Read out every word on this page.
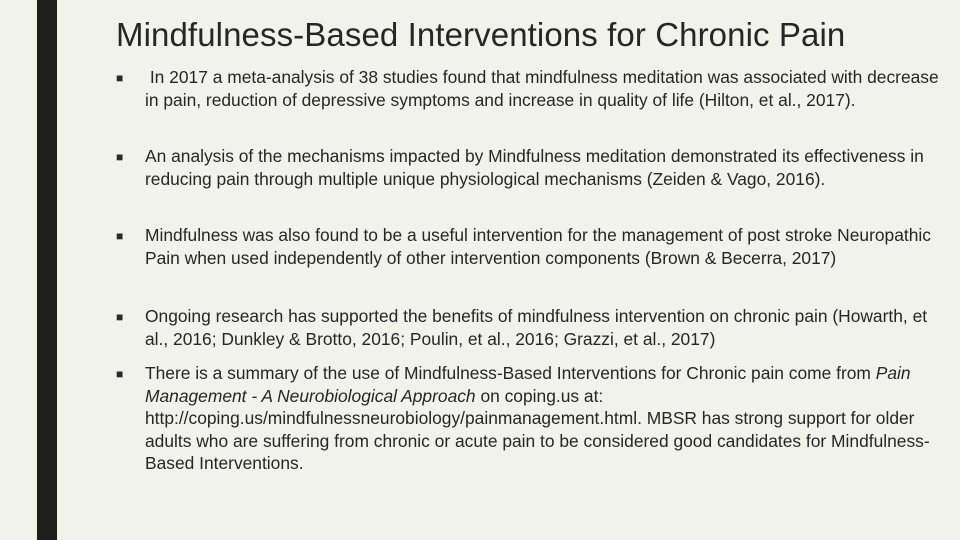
Mindfulness-Based Interventions for Chronic Pain
■	In 2017 a meta-analysis of 38 studies found that mindfulness meditation was associated with decrease in pain, reduction of depressive symptoms and increase in quality of life (Hilton, et al., 2017).
■	An analysis of the mechanisms impacted by Mindfulness meditation demonstrated its effectiveness in reducing pain through multiple unique physiological mechanisms (Zeiden & Vago, 2016).
■	Mindfulness was also found to be a useful intervention for the management of post stroke Neuropathic Pain when used independently of other intervention components (Brown & Becerra, 2017)
■	Ongoing research has supported the benefits of mindfulness intervention on chronic pain (Howarth, et al., 2016; Dunkley & Brotto, 2016; Poulin, et al., 2016; Grazzi, et al., 2017)
■	There is a summary of the use of Mindfulness-Based Interventions for Chronic pain come from Pain Management - A Neurobiological Approach on coping.us at: http://coping.us/mindfulnessneurobiology/painmanagement.html. MBSR has strong support for older adults who are suffering from chronic or acute pain to be considered good candidates for Mindfulness-Based Interventions.
